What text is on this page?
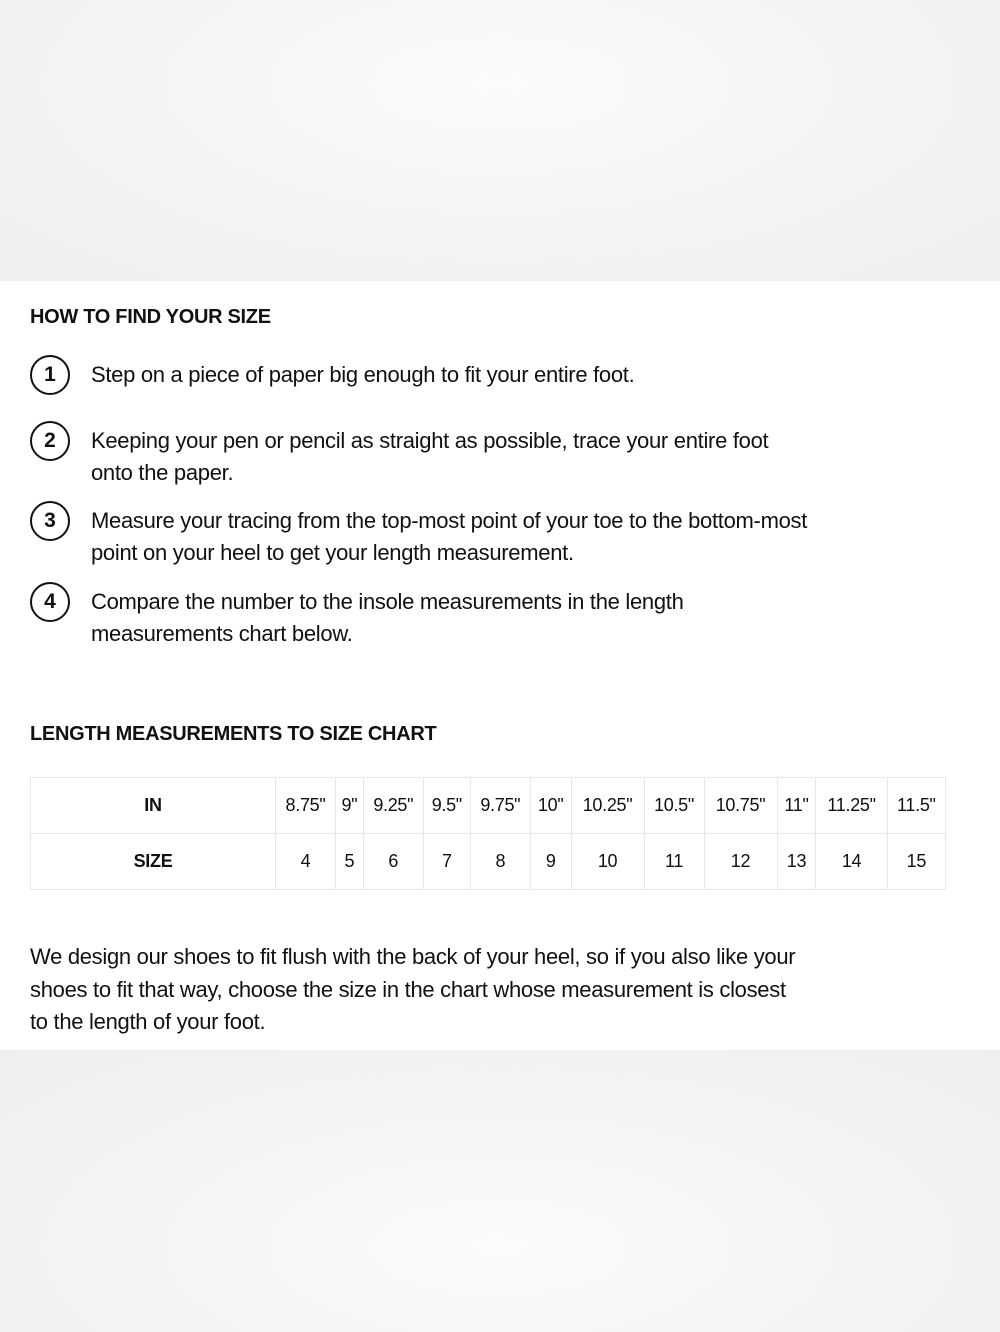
HOW TO FIND YOUR SIZE
1	Step on a piece of paper big enough to fit your entire foot.
2	Keeping your pen or pencil as straight as possible, trace your entire foot onto the paper.
3	Measure your tracing from the top-most point of your toe to the bottom-most point on your heel to get your length measurement.
4	Compare the number to the insole measurements in the length measurements chart below.
LENGTH MEASUREMENTS TO SIZE CHART
IN	8.75"	9"	9.25"	9.5"	9.75"	10"	10.25"	10.5"	10.75"	11"	11.25"	11.5"
SIZE	4	5	6	7	8	9	10	11	12	13	14	15
We design our shoes to fit flush with the back of your heel, so if you also like your shoes to fit that way, choose the size in the chart whose measurement is closest to the length of your foot.
